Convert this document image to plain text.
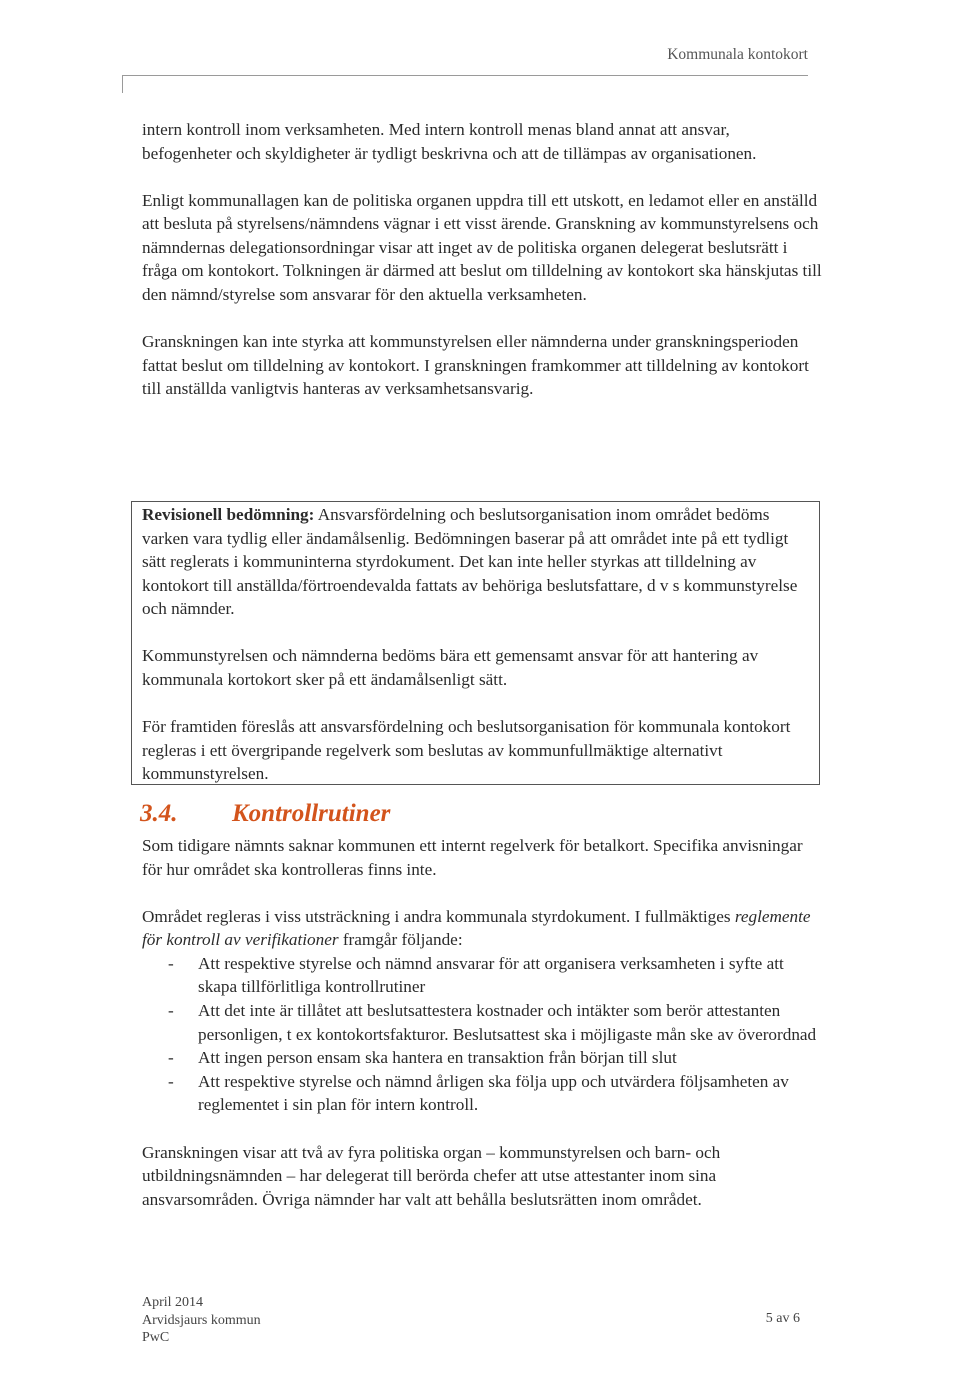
Kommunala kontokort

intern kontroll inom verksamheten. Med intern kontroll menas bland annat att ansvar, befogenheter och skyldigheter är tydligt beskrivna och att de tillämpas av organisationen.

Enligt kommunallagen kan de politiska organen uppdra till ett utskott, en ledamot eller en anställd att besluta på styrelsens/nämndens vägnar i ett visst ärende. Granskning av kommunstyrelsens och nämndernas delegationsordningar visar att inget av de politiska organen delegerat beslutsrätt i fråga om kontokort. Tolkningen är därmed att beslut om tilldelning av kontokort ska hänskjutas till den nämnd/styrelse som ansvarar för den aktuella verksamheten.

Granskningen kan inte styrka att kommunstyrelsen eller nämnderna under granskningsperioden fattat beslut om tilldelning av kontokort. I granskningen framkommer att tilldelning av kontokort till anställda vanligtvis hanteras av verksamhetsansvarig.

Revisionell bedömning: Ansvarsfördelning och beslutsorganisation inom området bedöms varken vara tydlig eller ändamålsenlig. Bedömningen baserar på att området inte på ett tydligt sätt reglerats i kommuninterna styrdokument. Det kan inte heller styrkas att tilldelning av kontokort till anställda/förtroendevalda fattats av behöriga beslutsfattare, d v s kommunstyrelse och nämnder.

Kommunstyrelsen och nämnderna bedöms bära ett gemensamt ansvar för att hantering av kommunala kortokort sker på ett ändamålsenligt sätt.

För framtiden föreslås att ansvarsfördelning och beslutsorganisation för kommunala kontokort regleras i ett övergripande regelverk som beslutas av kommunfullmäktige alternativt kommunstyrelsen.

3.4. Kontrollrutiner

Som tidigare nämnts saknar kommunen ett internt regelverk för betalkort. Specifika anvisningar för hur området ska kontrolleras finns inte.

Området regleras i viss utsträckning i andra kommunala styrdokument. I fullmäktiges reglemente för kontroll av verifikationer framgår följande:

- Att respektive styrelse och nämnd ansvarar för att organisera verksamheten i syfte att skapa tillförlitliga kontrollrutiner
- Att det inte är tillåtet att beslutsattestera kostnader och intäkter som berör attestanten personligen, t ex kontokortsfakturor. Beslutsattest ska i möjligaste mån ske av överordnad
- Att ingen person ensam ska hantera en transaktion från början till slut
- Att respektive styrelse och nämnd årligen ska följa upp och utvärdera följsamheten av reglementet i sin plan för intern kontroll.

Granskningen visar att två av fyra politiska organ – kommunstyrelsen och barn- och utbildningsnämnden – har delegerat till berörda chefer att utse attestanter inom sina ansvarsområden. Övriga nämnder har valt att behålla beslutsrätten inom området.

April 2014
Arvidsjaurs kommun
PwC
5 av 6
